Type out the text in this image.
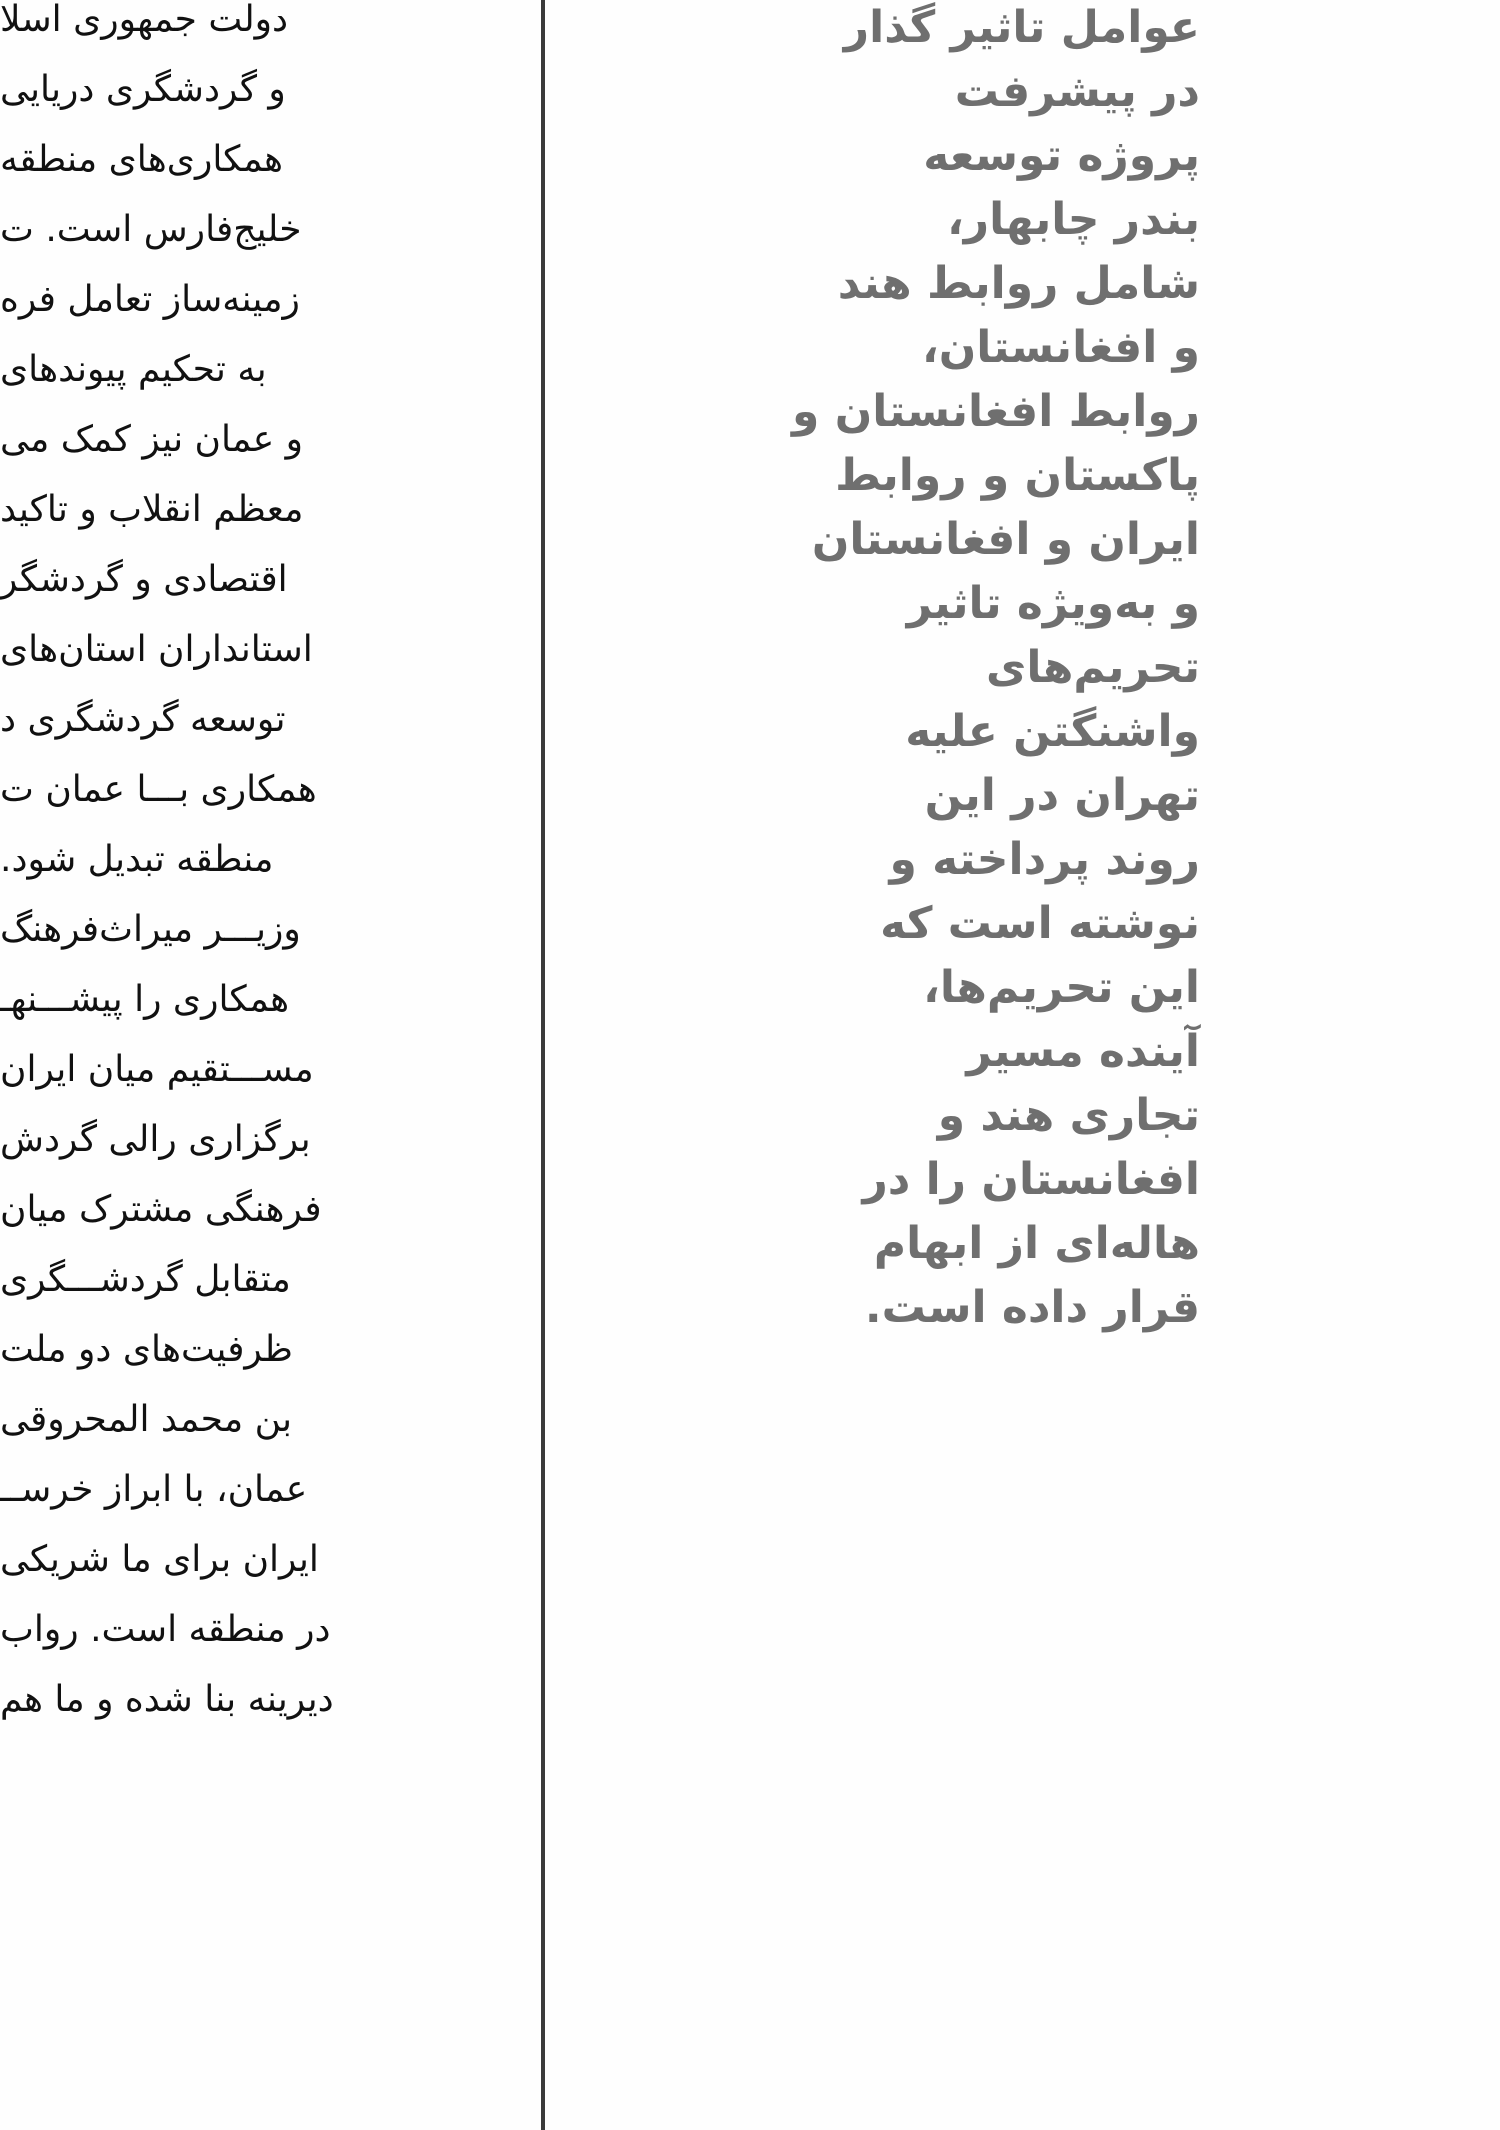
دولت جمهوری اسلا
و گردشگری دریایی
همکاری‌های منطقه
خلیج‌فارس است. ت
زمینه‌ساز تعامل فره
به تحکیم پیوندهای
و عمان نیز کمک می
معظم انقلاب و تاکید
اقتصادی و گردشگر
استانداران استان‌های
توسعه گردشگری د
همکاری بـــا عمان ت
منطقه تبدیل شود.
وزیـــر میراث‌فرهنگ
همکاری را پیشـــنهـ
مســـتقیم میان ایران
برگزاری رالی گردش
فرهنگی مشترک میان
متقابل گردشـــگری
ظرفیت‌های دو ملت
بن محمد المحروقی
عمان، با ابراز خرســ
ایران برای ما شریکی
در منطقه است. رواب
دیرینه بنا شده و ما هم
عوامل تاثیر گذار
در پیشرفت
پروژه توسعه
بندر چابهار،
شامل روابط هند
و افغانستان،
روابط افغانستان و
پاکستان و روابط
ایران و افغانستان
و به‌ویژه تاثیر
تحریم‌های
واشنگتن علیه
تهران در این
روند پرداخته و
نوشته است که
این تحریم‌ها،
آینده مسیر
تجاری هند و
افغانستان را در
هاله‌ای از ابهام
قرار داده است.
